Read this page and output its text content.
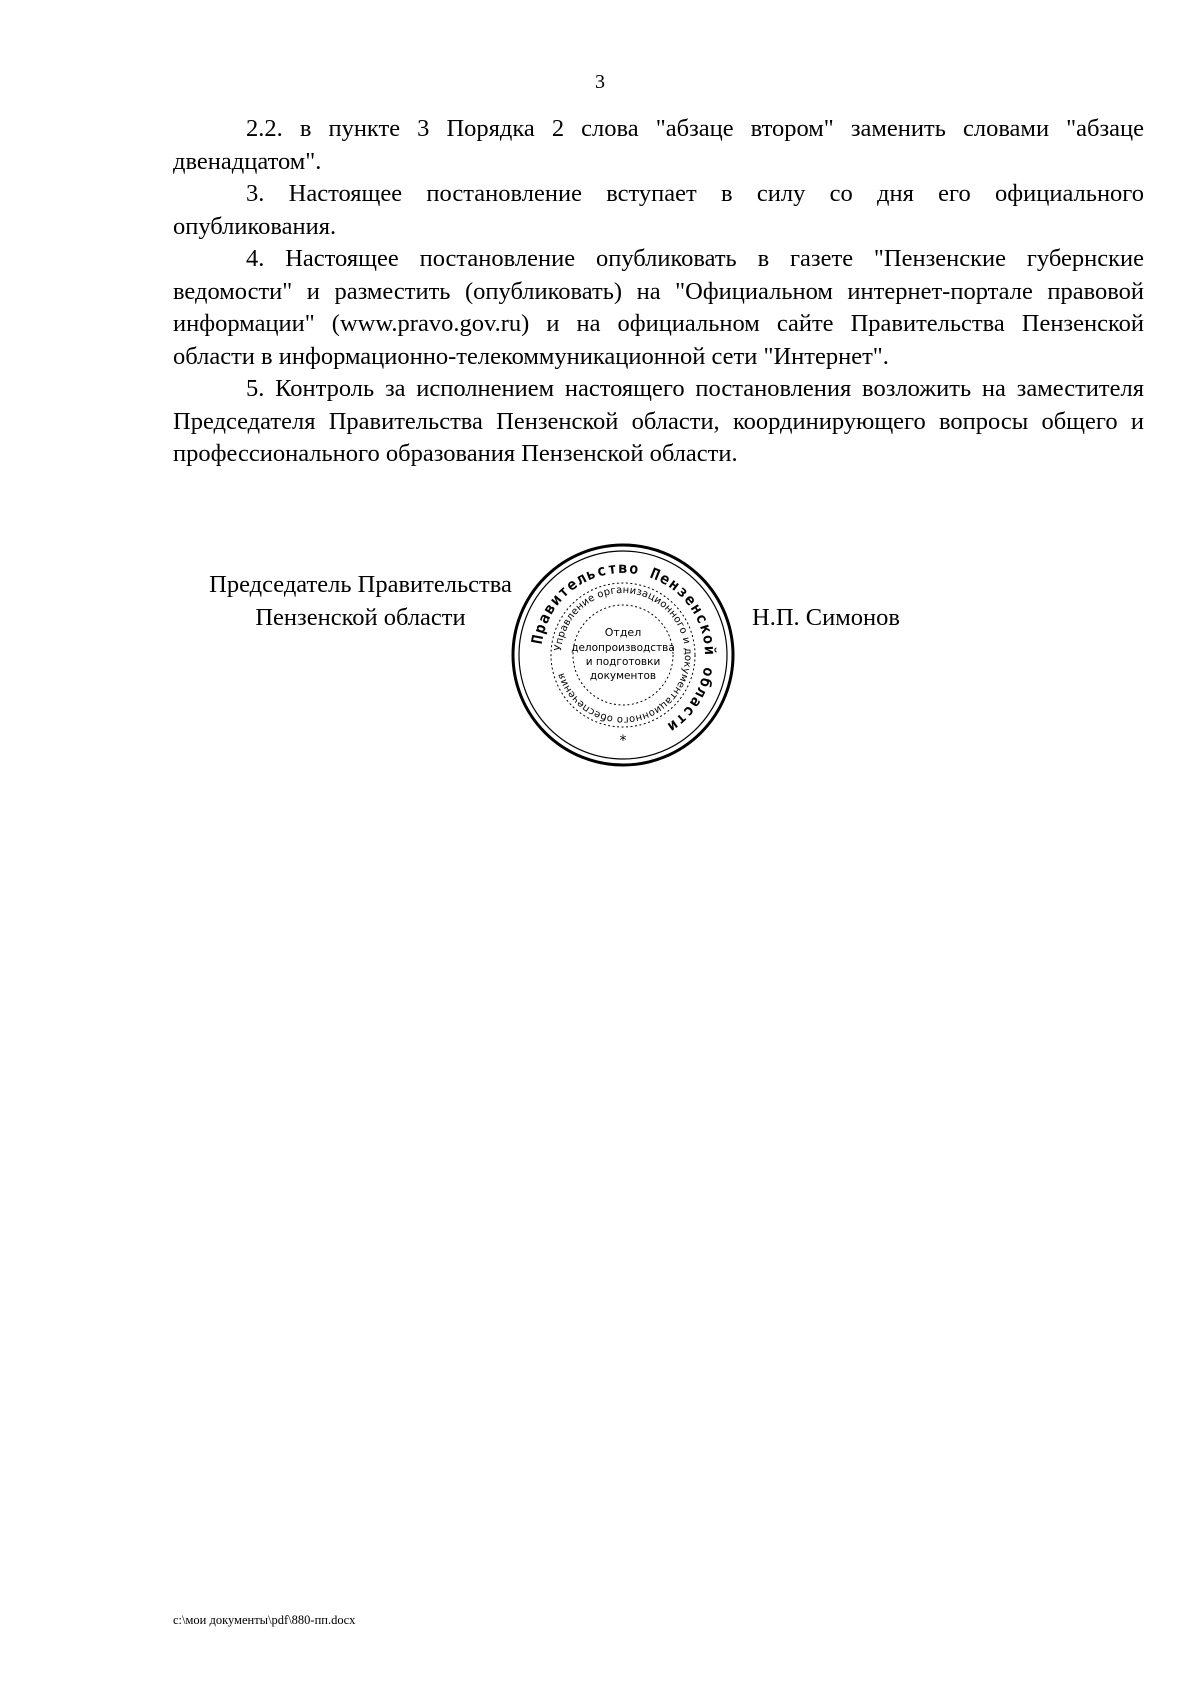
3

2.2. в пункте 3 Порядка 2 слова "абзаце втором" заменить словами "абзаце двенадцатом".

3. Настоящее постановление вступает в силу со дня его официального опубликования.

4. Настоящее постановление опубликовать в газете "Пензенские губернские ведомости" и разместить (опубликовать) на "Официальном интернет-портале правовой информации" (www.pravo.gov.ru) и на официальном сайте Правительства Пензенской области в информационно-телекоммуникационной сети "Интернет".

5. Контроль за исполнением настоящего постановления возложить на заместителя Председателя Правительства Пензенской области, координирующего вопросы общего и профессионального образования Пензенской области.

Председатель Правительства
Пензенской области
Правительство Пензенской области
Управление организационного и документационного обеспечения
Отдел
делопроизводства
и подготовки
документов
*
Н.П. Симонов
c:\мои документы\pdf\880-пп.docx
